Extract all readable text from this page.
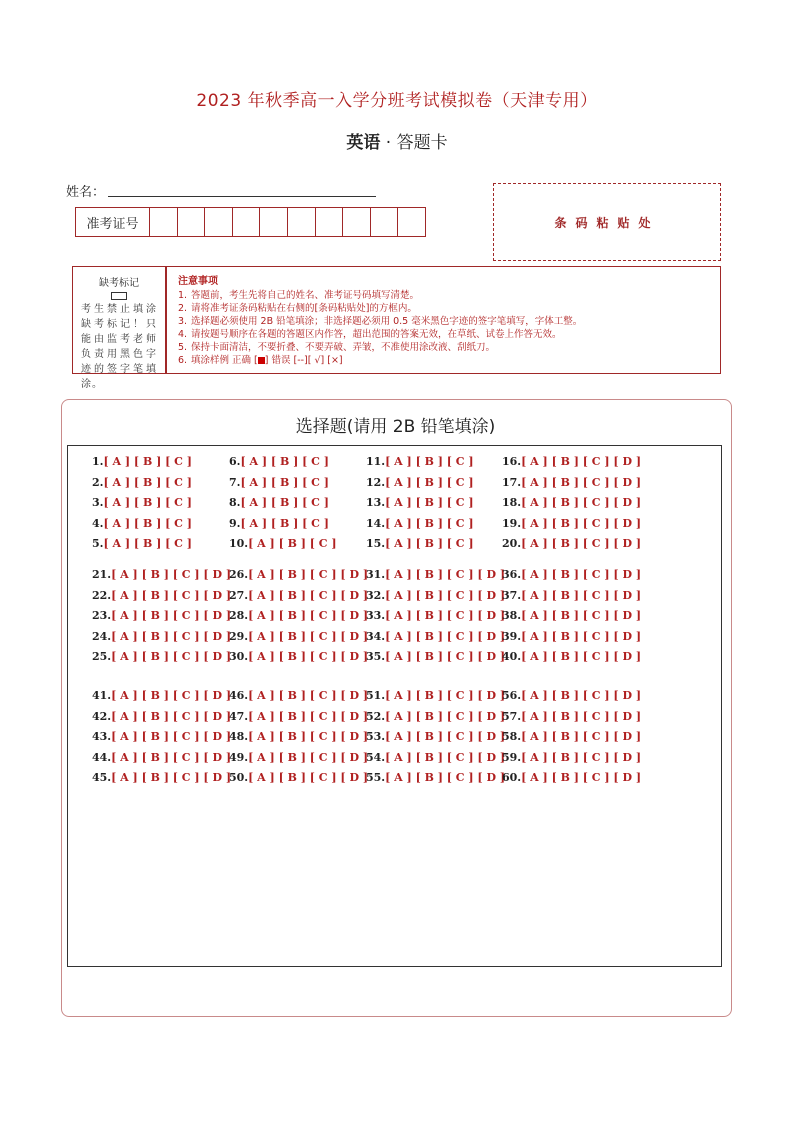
2023 年秋季高一入学分班考试模拟卷（天津专用）
英语 · 答题卡
姓名：
准考证号	条码粘贴处
缺考标记
考生禁止填涂缺考标记！只能由监考老师负责用黑色字迹的签字笔填涂。
注意事项
1. 答题前，考生先将自己的姓名、准考证号码填写清楚。
2. 请将准考证条码粘贴在右侧的[条码粘贴处]的方框内。
3. 选择题必须使用 2B 铅笔填涂；非选择题必须用 0.5 毫米黑色字迹的签字笔填写，字体工整。
4. 请按题号顺序在各题的答题区内作答，超出范围的答案无效，在草纸、试卷上作答无效。
5. 保持卡面清洁，不要折叠、不要弄破、弄皱，不准使用涂改液、刮纸刀。
6. 填涂样例 正确 [ ] 错误 [--][ √] [×]
选择题(请用 2B 铅笔填涂)
1.[ A ] [ B ] [ C ]
2.[ A ] [ B ] [ C ]
3.[ A ] [ B ] [ C ]
4.[ A ] [ B ] [ C ]
5.[ A ] [ B ] [ C ]
6.[ A ] [ B ] [ C ]
7.[ A ] [ B ] [ C ]
8.[ A ] [ B ] [ C ]
9.[ A ] [ B ] [ C ]
10.[ A ] [ B ] [ C ]
11.[ A ] [ B ] [ C ]
12.[ A ] [ B ] [ C ]
13.[ A ] [ B ] [ C ]
14.[ A ] [ B ] [ C ]
15.[ A ] [ B ] [ C ]
16.[ A ] [ B ] [ C ] [ D ]
17.[ A ] [ B ] [ C ] [ D ]
18.[ A ] [ B ] [ C ] [ D ]
19.[ A ] [ B ] [ C ] [ D ]
20.[ A ] [ B ] [ C ] [ D ]
21.[ A ] [ B ] [ C ] [ D ]
22.[ A ] [ B ] [ C ] [ D ]
23.[ A ] [ B ] [ C ] [ D ]
24.[ A ] [ B ] [ C ] [ D ]
25.[ A ] [ B ] [ C ] [ D ]
26.[ A ] [ B ] [ C ] [ D ]
27.[ A ] [ B ] [ C ] [ D ]
28.[ A ] [ B ] [ C ] [ D ]
29.[ A ] [ B ] [ C ] [ D ]
30.[ A ] [ B ] [ C ] [ D ]
31.[ A ] [ B ] [ C ] [ D ]
32.[ A ] [ B ] [ C ] [ D ]
33.[ A ] [ B ] [ C ] [ D ]
34.[ A ] [ B ] [ C ] [ D ]
35.[ A ] [ B ] [ C ] [ D ]
36.[ A ] [ B ] [ C ] [ D ]
37.[ A ] [ B ] [ C ] [ D ]
38.[ A ] [ B ] [ C ] [ D ]
39.[ A ] [ B ] [ C ] [ D ]
40.[ A ] [ B ] [ C ] [ D ]
41.[ A ] [ B ] [ C ] [ D ]
42.[ A ] [ B ] [ C ] [ D ]
43.[ A ] [ B ] [ C ] [ D ]
44.[ A ] [ B ] [ C ] [ D ]
45.[ A ] [ B ] [ C ] [ D ]
46.[ A ] [ B ] [ C ] [ D ]
47.[ A ] [ B ] [ C ] [ D ]
48.[ A ] [ B ] [ C ] [ D ]
49.[ A ] [ B ] [ C ] [ D ]
50.[ A ] [ B ] [ C ] [ D ]
51.[ A ] [ B ] [ C ] [ D ]
52.[ A ] [ B ] [ C ] [ D ]
53.[ A ] [ B ] [ C ] [ D ]
54.[ A ] [ B ] [ C ] [ D ]
55.[ A ] [ B ] [ C ] [ D ]
56.[ A ] [ B ] [ C ] [ D ]
57.[ A ] [ B ] [ C ] [ D ]
58.[ A ] [ B ] [ C ] [ D ]
59.[ A ] [ B ] [ C ] [ D ]
60.[ A ] [ B ] [ C ] [ D ]
